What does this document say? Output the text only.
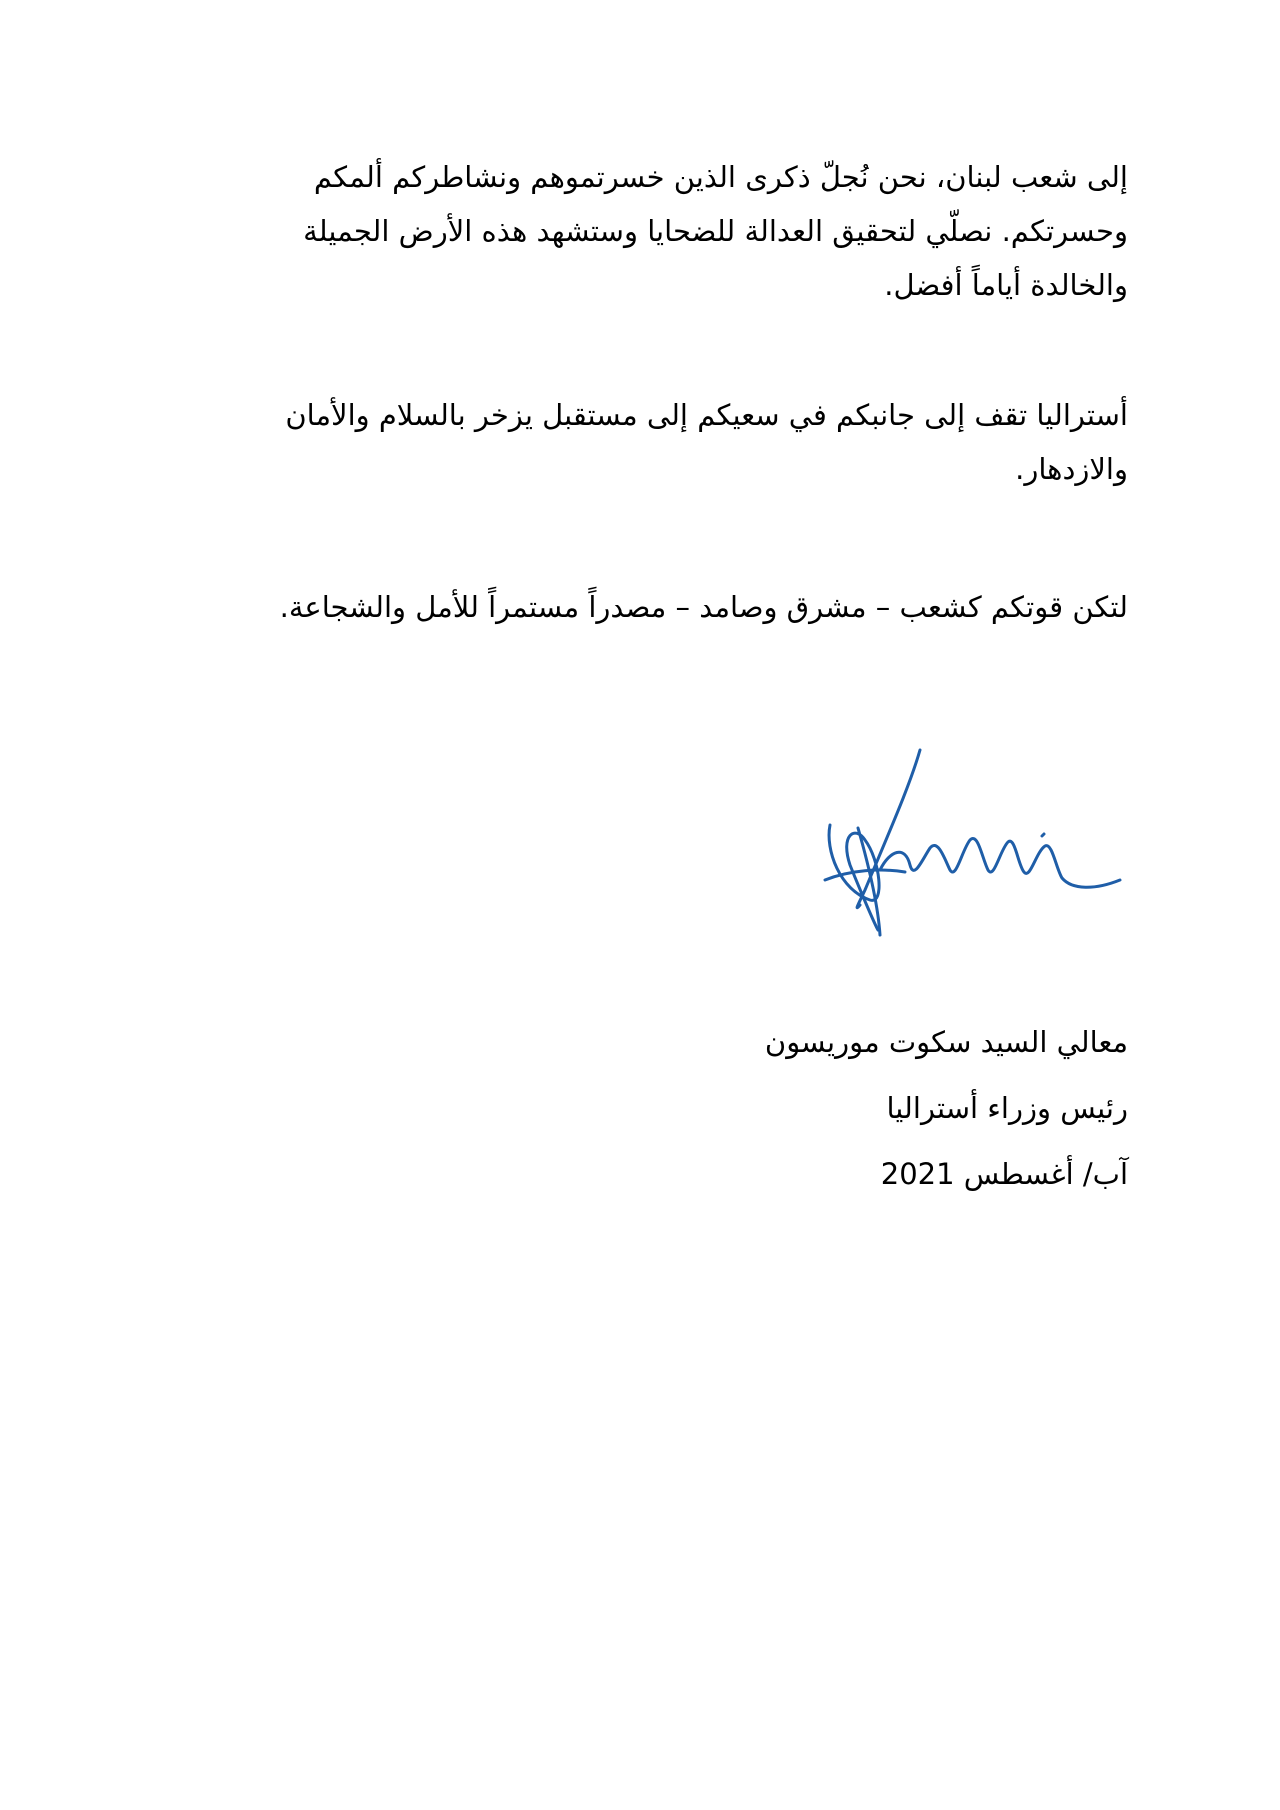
إلى شعب لبنان، نحن نُجلّ ذكرى الذين خسرتموهم ونشاطركم ألمكم وحسرتكم. نصلّي لتحقيق العدالة للضحايا وستشهد هذه الأرض الجميلة والخالدة أياماً أفضل.

أستراليا تقف إلى جانبكم في سعيكم إلى مستقبل يزخر بالسلام والأمان والازدهار.

لتكن قوتكم كشعب – مشرق وصامد – مصدراً مستمراً للأمل والشجاعة.

معالي السيد سكوت موريسون

رئيس وزراء أستراليا

آب/ أغسطس 2021
